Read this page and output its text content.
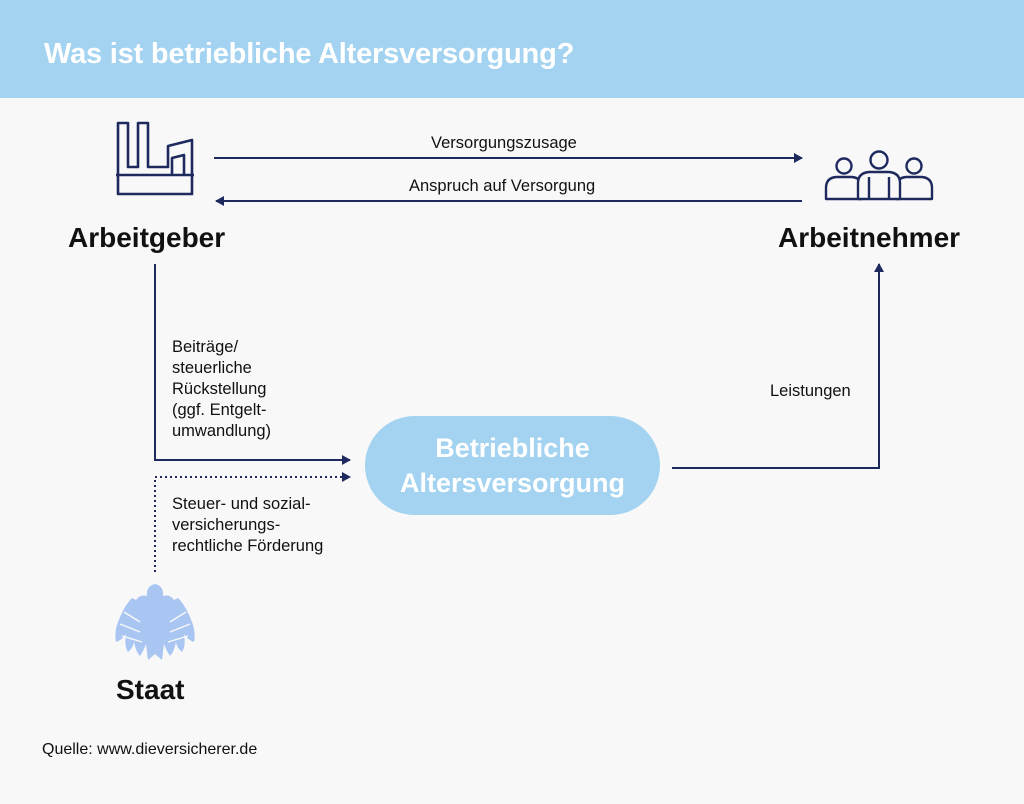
Was ist betriebliche Altersversorgung?
Arbeitgeber	Arbeitnehmer
Staat
Versorgungszusage
Anspruch auf Versorgung
Beiträge/
steuerliche
Rückstellung
(ggf. Entgelt-
umwandlung)
Steuer- und sozial-
versicherungs-
rechtliche Förderung
Leistungen
Betriebliche
Altersversorgung
Quelle: www.dieversicherer.de
